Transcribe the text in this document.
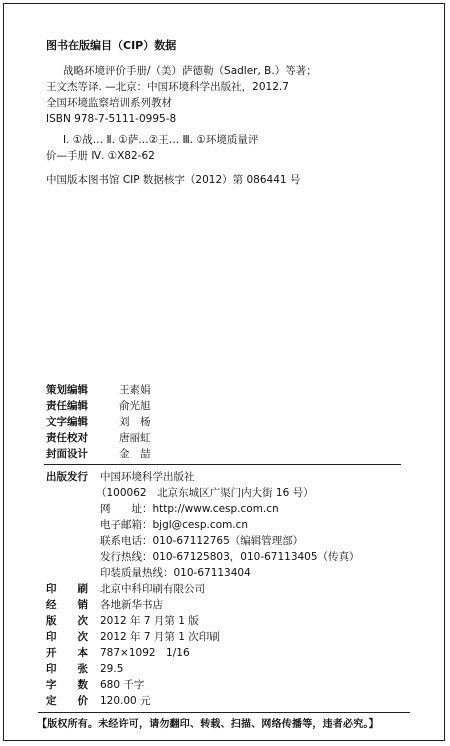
图书在版编目（CIP）数据
战略环境评价手册/（美）萨德勒（Sadler, B.）等著；
王文杰等译. —北京：中国环境科学出版社，2012.7
全国环境监察培训系列教材
ISBN 978-7-5111-0995-8
Ⅰ. ①战… Ⅱ. ①萨…②王… Ⅲ. ①环境质量评
价—手册 Ⅳ. ①X82-62
中国版本图书馆 CIP 数据核字（2012）第 086441 号
策划编辑	王素娟
责任编辑	俞光旭
文字编辑	刘　杨
责任校对	唐丽虹
封面设计	金　喆
出版发行 中国环境科学出版社
（100062　北京东城区广渠门内大街 16 号）
网　　址：http://www.cesp.com.cn
电子邮箱：bjgl@cesp.com.cn
联系电话：010-67112765（编辑管理部）
发行热线：010-67125803，010-67113405（传真）
印装质量热线：010-67113404
印　　刷 北京中科印刷有限公司
经　　销 各地新华书店
版　　次 2012 年 7 月第 1 版
印　　次 2012 年 7 月第 1 次印刷
开　　本 787×1092　1/16
印　　张 29.5
字　　数 680 千字
定　　价 120.00 元
【版权所有。未经许可，请勿翻印、转载、扫描、网络传播等，违者必究。】
